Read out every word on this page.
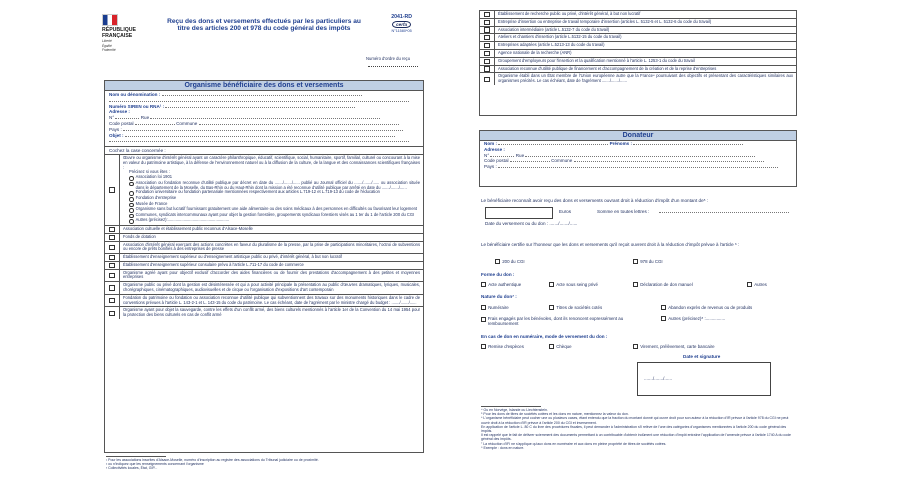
RÉPUBLIQUE
FRANÇAISE
Liberté
Égalité
Fraternité
Reçu des dons et versements effectués par les particuliers au titre des articles 200 et 978 du code général des impôts
2041-RD
cerfa
N°11580*05
Numéro d'ordre du reçu
Organisme bénéficiaire des dons et versements
Nom ou dénomination :
Numéro SIREN ou RNA¹ :
Adresse :
N°	Rue
Code postal	Commune
Pays :
Objet :
Cochez la case concernée :
Œuvre ou organisme d'intérêt général ayant un caractère philanthropique, éducatif, scientifique, social, humanitaire, sportif, familial, culturel ou concourant à la mise en valeur du patrimoine artistique, à la défense de l'environnement naturel ou à la diffusion de la culture, de la langue et des connaissances scientifiques françaises :
Précisez si vous êtes :
Association loi 1901
Association ou fondation reconnue d'utilité publique par décret en date du ......./......./...... publié au Journal officiel du ......./......./...... ou association située dans le département de la Moselle, du Bas-Rhin ou du Haut-Rhin dont la mission a été reconnue d'utilité publique par arrêté en date du ......./......./......
Fondation universitaire ou fondation partenariale mentionnées respectivement aux articles L.719-12 et L.719-13 du code de l'éducation
Fondation d'entreprise
Musée de France
Organisme sans but lucratif fournissant gratuitement une aide alimentaire ou des soins médicaux à des personnes en difficultés ou favorisant leur logement
Communes, syndicats intercommunaux ayant pour objet la gestion forestière, groupements syndicaux forestiers visés au 1 ter du 1 de l'article 200 du CGI
Autres (précisez):......................................................
Association cultuelle et établissement public reconnus d'Alsace-Moselle
Fonds de dotation
Association d'intérêt général exerçant des actions concrètes en faveur du pluralisme de la presse, par la prise de participations minoritaires, l'octroi de subventions ou encore de prêts bonifiés à des entreprises de presse
Établissement d'enseignement supérieur ou d'enseignement artistique public ou privé, d'intérêt général, à but non lucratif
Établissement d'enseignement supérieur consulaire prévu à l'article L.711-17 du code de commerce
Organisme agréé ayant pour objectif exclusif d'accorder des aides financières ou de fournir des prestations d'accompagnement à des petites et moyennes entreprises
Organisme public ou privé dont la gestion est désintéressée et qui a pour activité principale la présentation au public d'œuvres dramatiques, lyriques, musicales, chorégraphiques, cinématographiques, audiovisuelles et de cirque ou l'organisation d'expositions d'art contemporain
Fondation du patrimoine ou fondation ou association reconnue d'utilité publique qui subventionnent des travaux sur des monuments historiques dans le cadre de conventions prévues à l'article L. 143-2-1 et L. 143-15 du code du patrimoine. Le cas échéant, date de l'agrément par le ministre chargé du budget : ......./......./......
Organisme ayant pour objet la sauvegarde, contre les effets d'un conflit armé, des biens culturels mentionnés à l'article 1er de la Convention du 14 mai 1954 pour la protection des biens culturels en cas de conflit armé
¹ Pour les associations inscrites d'Alsace-Moselle, numéro d'inscription au registre des associations du Tribunal judiciaire ou de proximité.
² ou n'indiquez que les renseignements concernant l'organisme
³ Collectivités locales, État, GIP...
Établissement de recherche public ou privé, d'intérêt général, à but non lucratif
Entreprise d'insertion ou entreprise de travail temporaire d'insertion (articles L. 5132-5 et L. 5132-6 du code du travail)
Association intermédiaire (article L.5132-7 du code du travail)
Ateliers et chantiers d'insertion (article L.5132-15 du code du travail)
Entreprises adaptées (article L.5213-13 du code du travail)
Agence nationale de la recherche (ANR)
Groupement d'employeurs pour l'insertion et la qualification mentionné à l'article L. 1253-1 du code du travail
Association reconnue d'utilité publique de financement et d'accompagnement de la création et de la reprise d'entreprises
Organisme établi dans un État membre de l'Union européenne autre que la France⁴ poursuivant des objectifs et présentant des caractéristiques similaires aux organismes précités. Le cas échéant, date de l'agrément ......./......./......
Donateur
Nom :	Prénoms :
Adresse :
N°	Rue
Code postal	Commune
Pays :
Le bénéficiaire reconnaît avoir reçu des dons et versements ouvrant droit à réduction d'impôt d'un montant de⁵ :
Euros	Somme en toutes lettres :
Date du versement ou du don : ......./......./......
Le bénéficiaire certifie sur l'honneur que les dons et versements qu'il reçoit ouvrent droit à la réduction d'impôt prévue à l'article ⁶ :
200 du CGI	978 du CGI
Forme du don :
Acte authentique	Acte sous seing privé	Déclaration de don manuel	Autres
Nature du don⁷ :
Numéraire	Titres de sociétés cotés	Abandon exprès de revenus ou de produits
Frais engagés par les bénévoles, dont ils renoncent expressément au remboursement
Autres (précisez)⁸ :................
En cas de don en numéraire, mode de versement du don :
Remise d'espèces	Chèque	Virement, prélèvement, carte bancaire
Date et signature
......./......./......
⁴ Ou en Norvège, Islande ou Liechtenstein.
⁵ Pour les dons de titres de sociétés cotées et les dons en nature, mentionnez la valeur du don.
⁶ L'organisme bénéficiaire peut cocher une ou plusieurs cases, étant entendu que la fraction du montant donné qui ouvre droit pour son auteur à la réduction d'IR prévue à l'article 978 du CGI ne peut ouvrir droit à la réduction d'IR prévue à l'article 200 du CGI et inversement.
En application de l'article L. 80 C du livre des procédures fiscales, il peut demander à l'administration s'il relève de l'une des catégories d'organismes mentionnées à l'article 200 du code général des impôts.
Il est rappelé que le fait de délivrer sciemment des documents permettant à un contribuable d'obtenir indûment une réduction d'impôt entraîne l'application de l'amende prévue à l'article 1740 A du code général des impôts.
⁷ La réduction d'IFI ne s'applique qu'aux dons en numéraire et aux dons en pleine propriété de titres de sociétés cotées.
⁸ Exemple : dons en nature.
